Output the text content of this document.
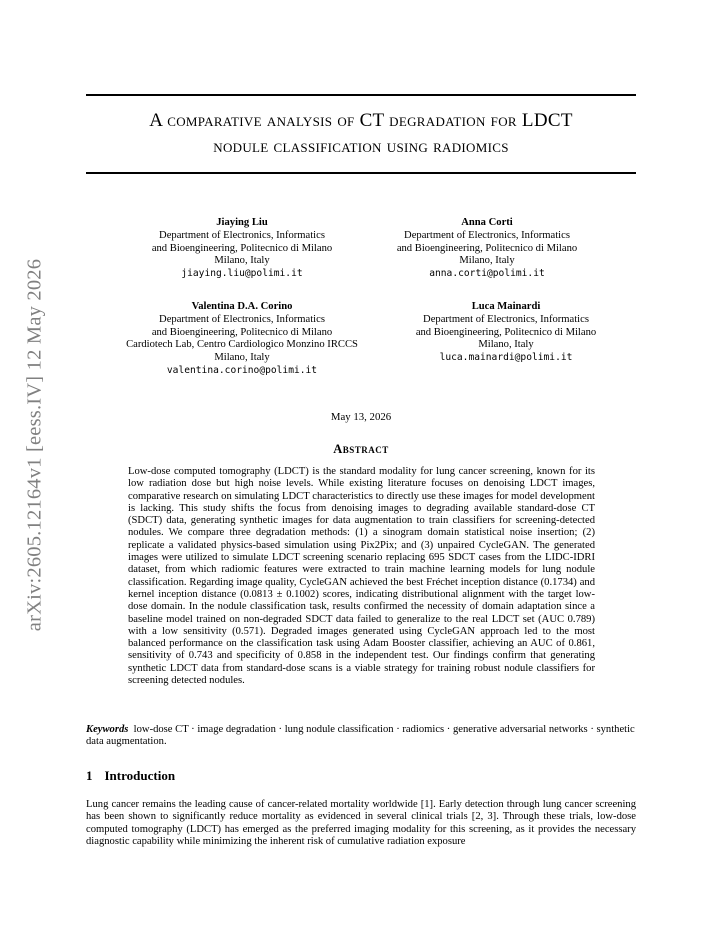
arXiv:2605.12164v1 [eess.IV] 12 May 2026
A comparative analysis of CT degradation for LDCT
nodule classification using radiomics
Jiaying Liu
Department of Electronics, Informatics
and Bioengineering, Politecnico di Milano
Milano, Italy
jiaying.liu@polimi.it
Anna Corti
Department of Electronics, Informatics
and Bioengineering, Politecnico di Milano
Milano, Italy
anna.corti@polimi.it
Valentina D.A. Corino
Department of Electronics, Informatics
and Bioengineering, Politecnico di Milano
Cardiotech Lab, Centro Cardiologico Monzino IRCCS
Milano, Italy
valentina.corino@polimi.it
Luca Mainardi
Department of Electronics, Informatics
and Bioengineering, Politecnico di Milano
Milano, Italy
luca.mainardi@polimi.it
May 13, 2026
Abstract

Low-dose computed tomography (LDCT) is the standard modality for lung cancer screening, known for its low radiation dose but high noise levels. While existing literature focuses on denoising LDCT images, comparative research on simulating LDCT characteristics to directly use these images for model development is lacking. This study shifts the focus from denoising images to degrading available standard-dose CT (SDCT) data, generating synthetic images for data augmentation to train classifiers for screening-detected nodules. We compare three degradation methods: (1) a sinogram domain statistical noise insertion; (2) replicate a validated physics-based simulation using Pix2Pix; and (3) unpaired CycleGAN. The generated images were utilized to simulate LDCT screening scenario replacing 695 SDCT cases from the LIDC-IDRI dataset, from which radiomic features were extracted to train machine learning models for lung nodule classification. Regarding image quality, CycleGAN achieved the best Fréchet inception distance (0.1734) and kernel inception distance (0.0813 ± 0.1002) scores, indicating distributional alignment with the target low-dose domain. In the nodule classification task, results confirmed the necessity of domain adaptation since a baseline model trained on non-degraded SDCT data failed to generalize to the real LDCT set (AUC 0.789) with a low sensitivity (0.571). Degraded images generated using CycleGAN approach led to the most balanced performance on the classification task using Adam Booster classifier, achieving an AUC of 0.861, sensitivity of 0.743 and specificity of 0.858 in the independent test. Our findings confirm that generating synthetic LDCT data from standard-dose scans is a viable strategy for training robust nodule classifiers for screening detected nodules.

Keywords low-dose CT · image degradation · lung nodule classification · radiomics · generative adversarial networks · synthetic data augmentation.

1 Introduction

Lung cancer remains the leading cause of cancer-related mortality worldwide [1]. Early detection through lung cancer screening has been shown to significantly reduce mortality as evidenced in several clinical trials [2, 3]. Through these trials, low-dose computed tomography (LDCT) has emerged as the preferred imaging modality for this screening, as it provides the necessary diagnostic capability while minimizing the inherent risk of cumulative radiation exposure
